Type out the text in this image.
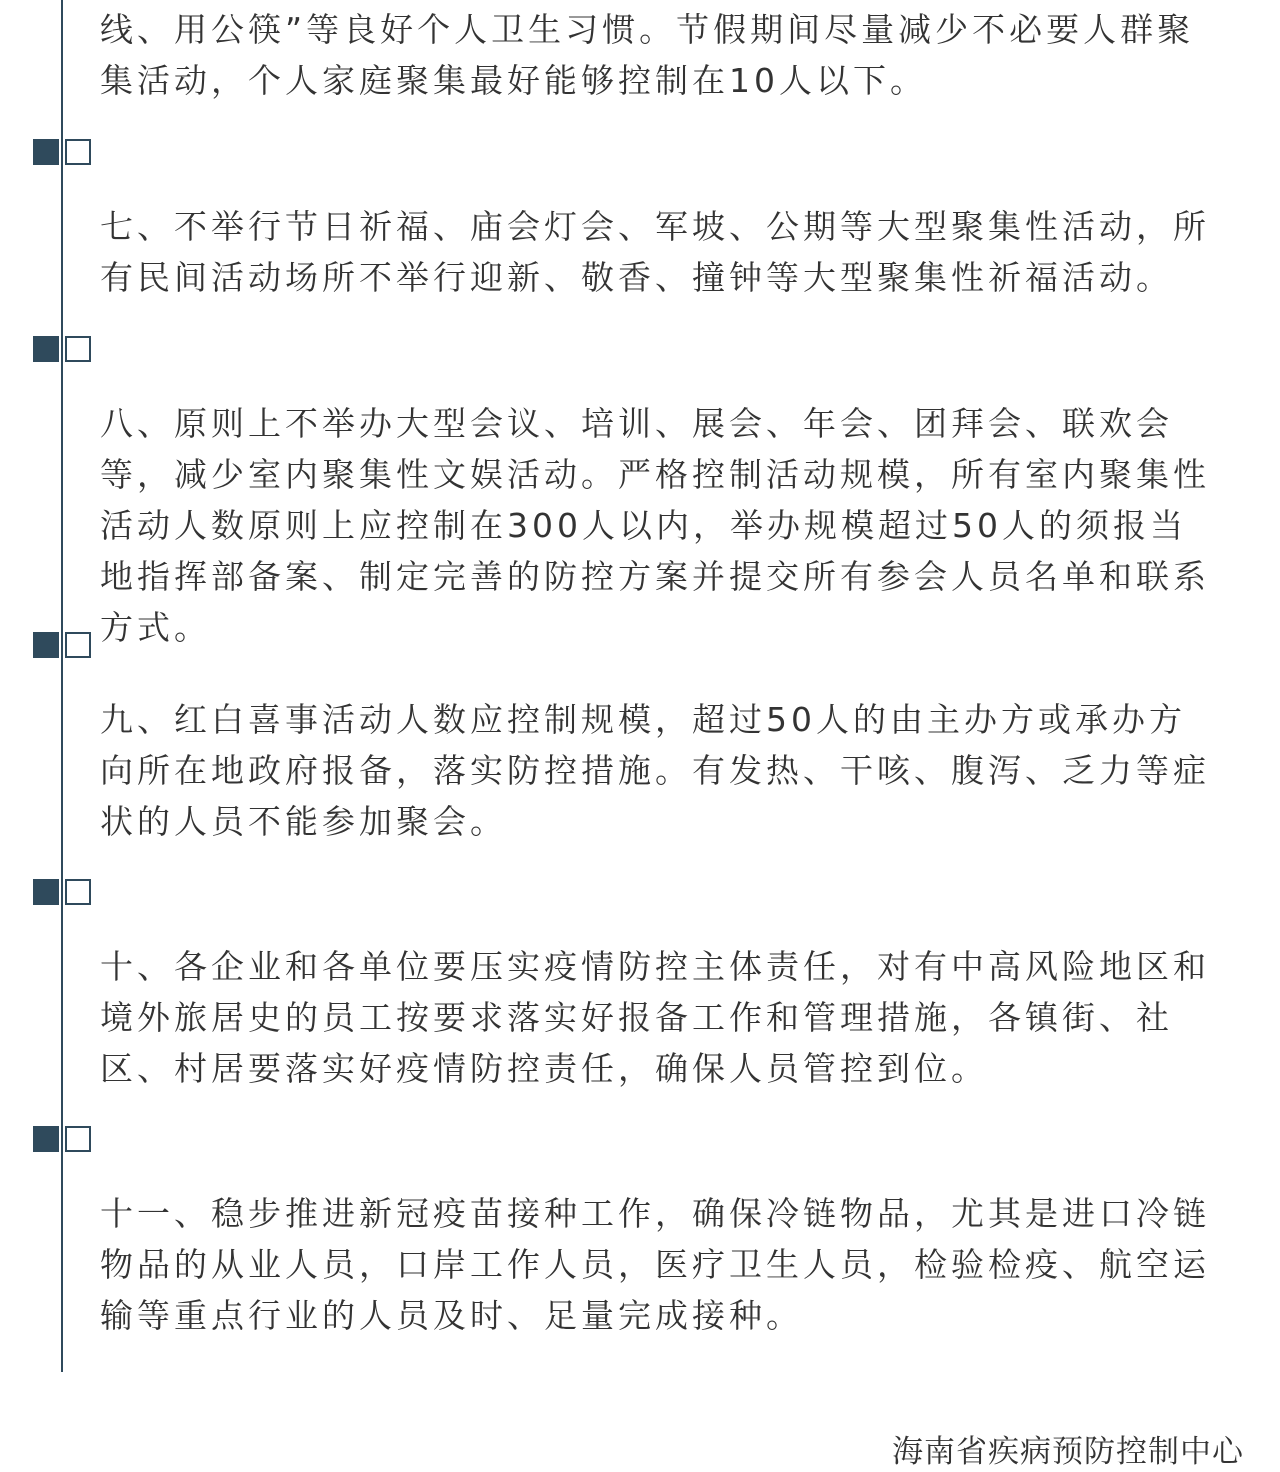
线、用公筷”等良好个人卫生习惯。节假期间尽量减少不必要人群聚集活动，个人家庭聚集最好能够控制在10人以下。

七、不举行节日祈福、庙会灯会、军坡、公期等大型聚集性活动，所有民间活动场所不举行迎新、敬香、撞钟等大型聚集性祈福活动。

八、原则上不举办大型会议、培训、展会、年会、团拜会、联欢会等，减少室内聚集性文娱活动。严格控制活动规模，所有室内聚集性活动人数原则上应控制在300人以内，举办规模超过50人的须报当地指挥部备案、制定完善的防控方案并提交所有参会人员名单和联系方式。

九、红白喜事活动人数应控制规模，超过50人的由主办方或承办方向所在地政府报备，落实防控措施。有发热、干咳、腹泻、乏力等症状的人员不能参加聚会。

十、各企业和各单位要压实疫情防控主体责任，对有中高风险地区和境外旅居史的员工按要求落实好报备工作和管理措施，各镇街、社区、村居要落实好疫情防控责任，确保人员管控到位。

十一、稳步推进新冠疫苗接种工作，确保冷链物品，尤其是进口冷链物品的从业人员，口岸工作人员，医疗卫生人员，检验检疫、航空运输等重点行业的人员及时、足量完成接种。

海南省疾病预防控制中心
